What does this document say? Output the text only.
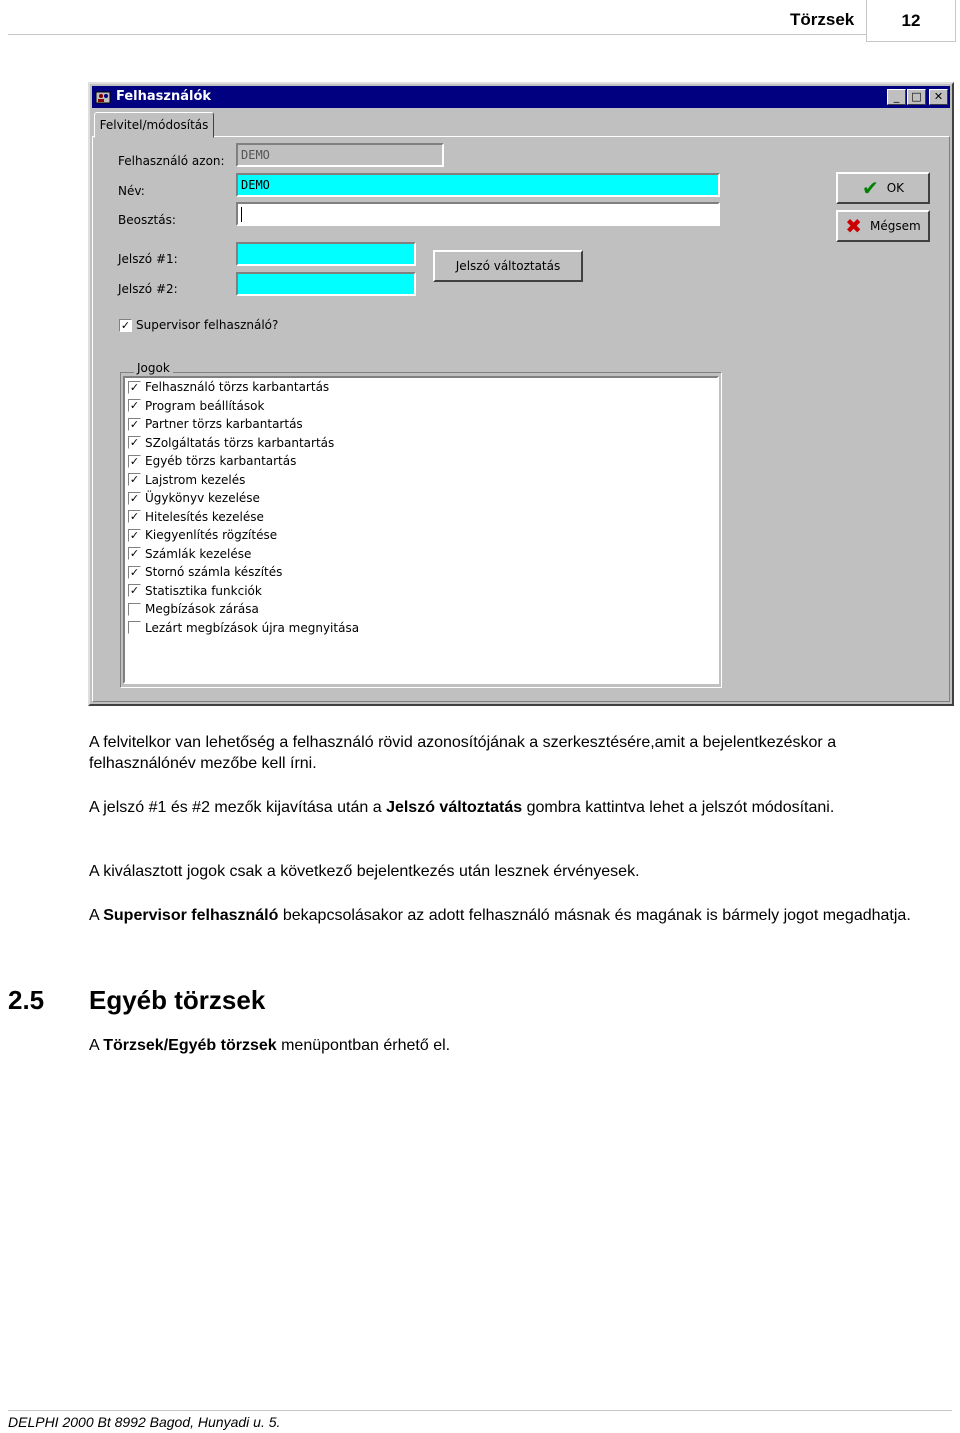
Törzsek	12
Felhasználók	_	□	✕
Felvitel/módosítás
Felhasználó azon:	DEMO
Név:	DEMO
Beosztás:
Jelszó #1:
Jelszó #2:
Jelszó változtatás
✔ OK
✖ Mégsem
✓ Supervisor felhasználó?
Jogok
✓ Felhasználó törzs karbantartás
✓ Program beállítások
✓ Partner törzs karbantartás
✓ SZolgáltatás törzs karbantartás
✓ Egyéb törzs karbantartás
✓ Lajstrom kezelés
✓ Ügykönyv kezelése
✓ Hitelesítés kezelése
✓ Kiegyenlítés rögzítése
✓ Számlák kezelése
✓ Stornó számla készítés
✓ Statisztika funkciók
Megbízások zárása
Lezárt megbízások újra megnyitása
A felvitelkor van lehetőség a felhasználó rövid azonosítójának a szerkesztésére,amit a bejelentkezéskor a felhasználónév mezőbe kell írni.
A jelszó #1 és #2 mezők kijavítása után a Jelszó változtatás gombra kattintva lehet a jelszót módosítani.
A kiválasztott jogok csak a következő bejelentkezés után lesznek érvényesek.
A Supervisor felhasználó bekapcsolásakor az adott felhasználó másnak és magának is bármely jogot megadhatja.
2.5 Egyéb törzsek
A Törzsek/Egyéb törzsek menüpontban érhető el.
DELPHI 2000 Bt 8992 Bagod, Hunyadi u. 5.
